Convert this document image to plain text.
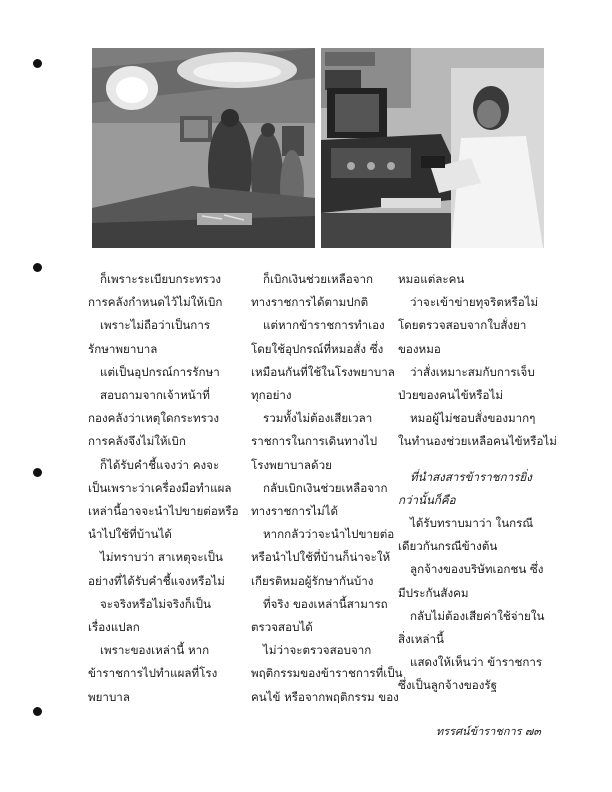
ก็เพราะระเบียบกระทรวง

การคลังกำหนดไว้ไม่ให้เบิก

เพราะไม่ถือว่าเป็นการ

รักษาพยาบาล

แต่เป็นอุปกรณ์การรักษา

สอบถามจากเจ้าหน้าที่

กองคลังว่าเหตุใดกระทรวง

การคลังจึงไม่ให้เบิก

ก็ได้รับคำชี้แจงว่า คงจะ

เป็นเพราะว่าเครื่องมือทำแผล

เหล่านี้อาจจะนำไปขายต่อหรือ

นำไปใช้ที่บ้านได้

ไม่ทราบว่า สาเหตุจะเป็น

อย่างที่ได้รับคำชี้แจงหรือไม่

จะจริงหรือไม่จริงก็เป็น

เรื่องแปลก

เพราะของเหล่านี้ หาก

ข้าราชการไปทำแผลที่โรง

พยาบาล

ก็เบิกเงินช่วยเหลือจาก

ทางราชการได้ตามปกติ

แต่หากข้าราชการทำเอง

โดยใช้อุปกรณ์ที่หมอสั่ง ซึ่ง

เหมือนกันที่ใช้ในโรงพยาบาล

ทุกอย่าง

รวมทั้งไม่ต้องเสียเวลา

ราชการในการเดินทางไป

โรงพยาบาลด้วย

กลับเบิกเงินช่วยเหลือจาก

ทางราชการไม่ได้

หากกลัวว่าจะนำไปขายต่อ

หรือนำไปใช้ที่บ้านก็น่าจะให้

เกียรติหมอผู้รักษากันบ้าง

ที่จริง ของเหล่านี้สามารถ

ตรวจสอบได้

ไม่ว่าจะตรวจสอบจาก

พฤติกรรมของข้าราชการที่เป็น

คนไข้ หรือจากพฤติกรรม ของ

หมอแต่ละคน

ว่าจะเข้าข่ายทุจริตหรือไม่

โดยตรวจสอบจากใบสั่งยา

ของหมอ

ว่าสั่งเหมาะสมกับการเจ็บ

ป่วยของคนไข้หรือไม่

หมอผู้ไม่ชอบสั่งของมากๆ

ในทำนองช่วยเหลือคนไข้หรือไม่

ที่นำสงสารข้าราชการยิ่ง

กว่านั้นก็คือ

ได้รับทราบมาว่า ในกรณี

เดียวกันกรณีข้างต้น

ลูกจ้างของบริษัทเอกชน ซึ่ง

มีประกันสังคม

กลับไม่ต้องเสียค่าใช้จ่ายใน

สิ่งเหล่านี้

แสดงให้เห็นว่า ข้าราชการ

ซึ่งเป็นลูกจ้างของรัฐ

ทรรศน์ข้าราชการ ๗๓
